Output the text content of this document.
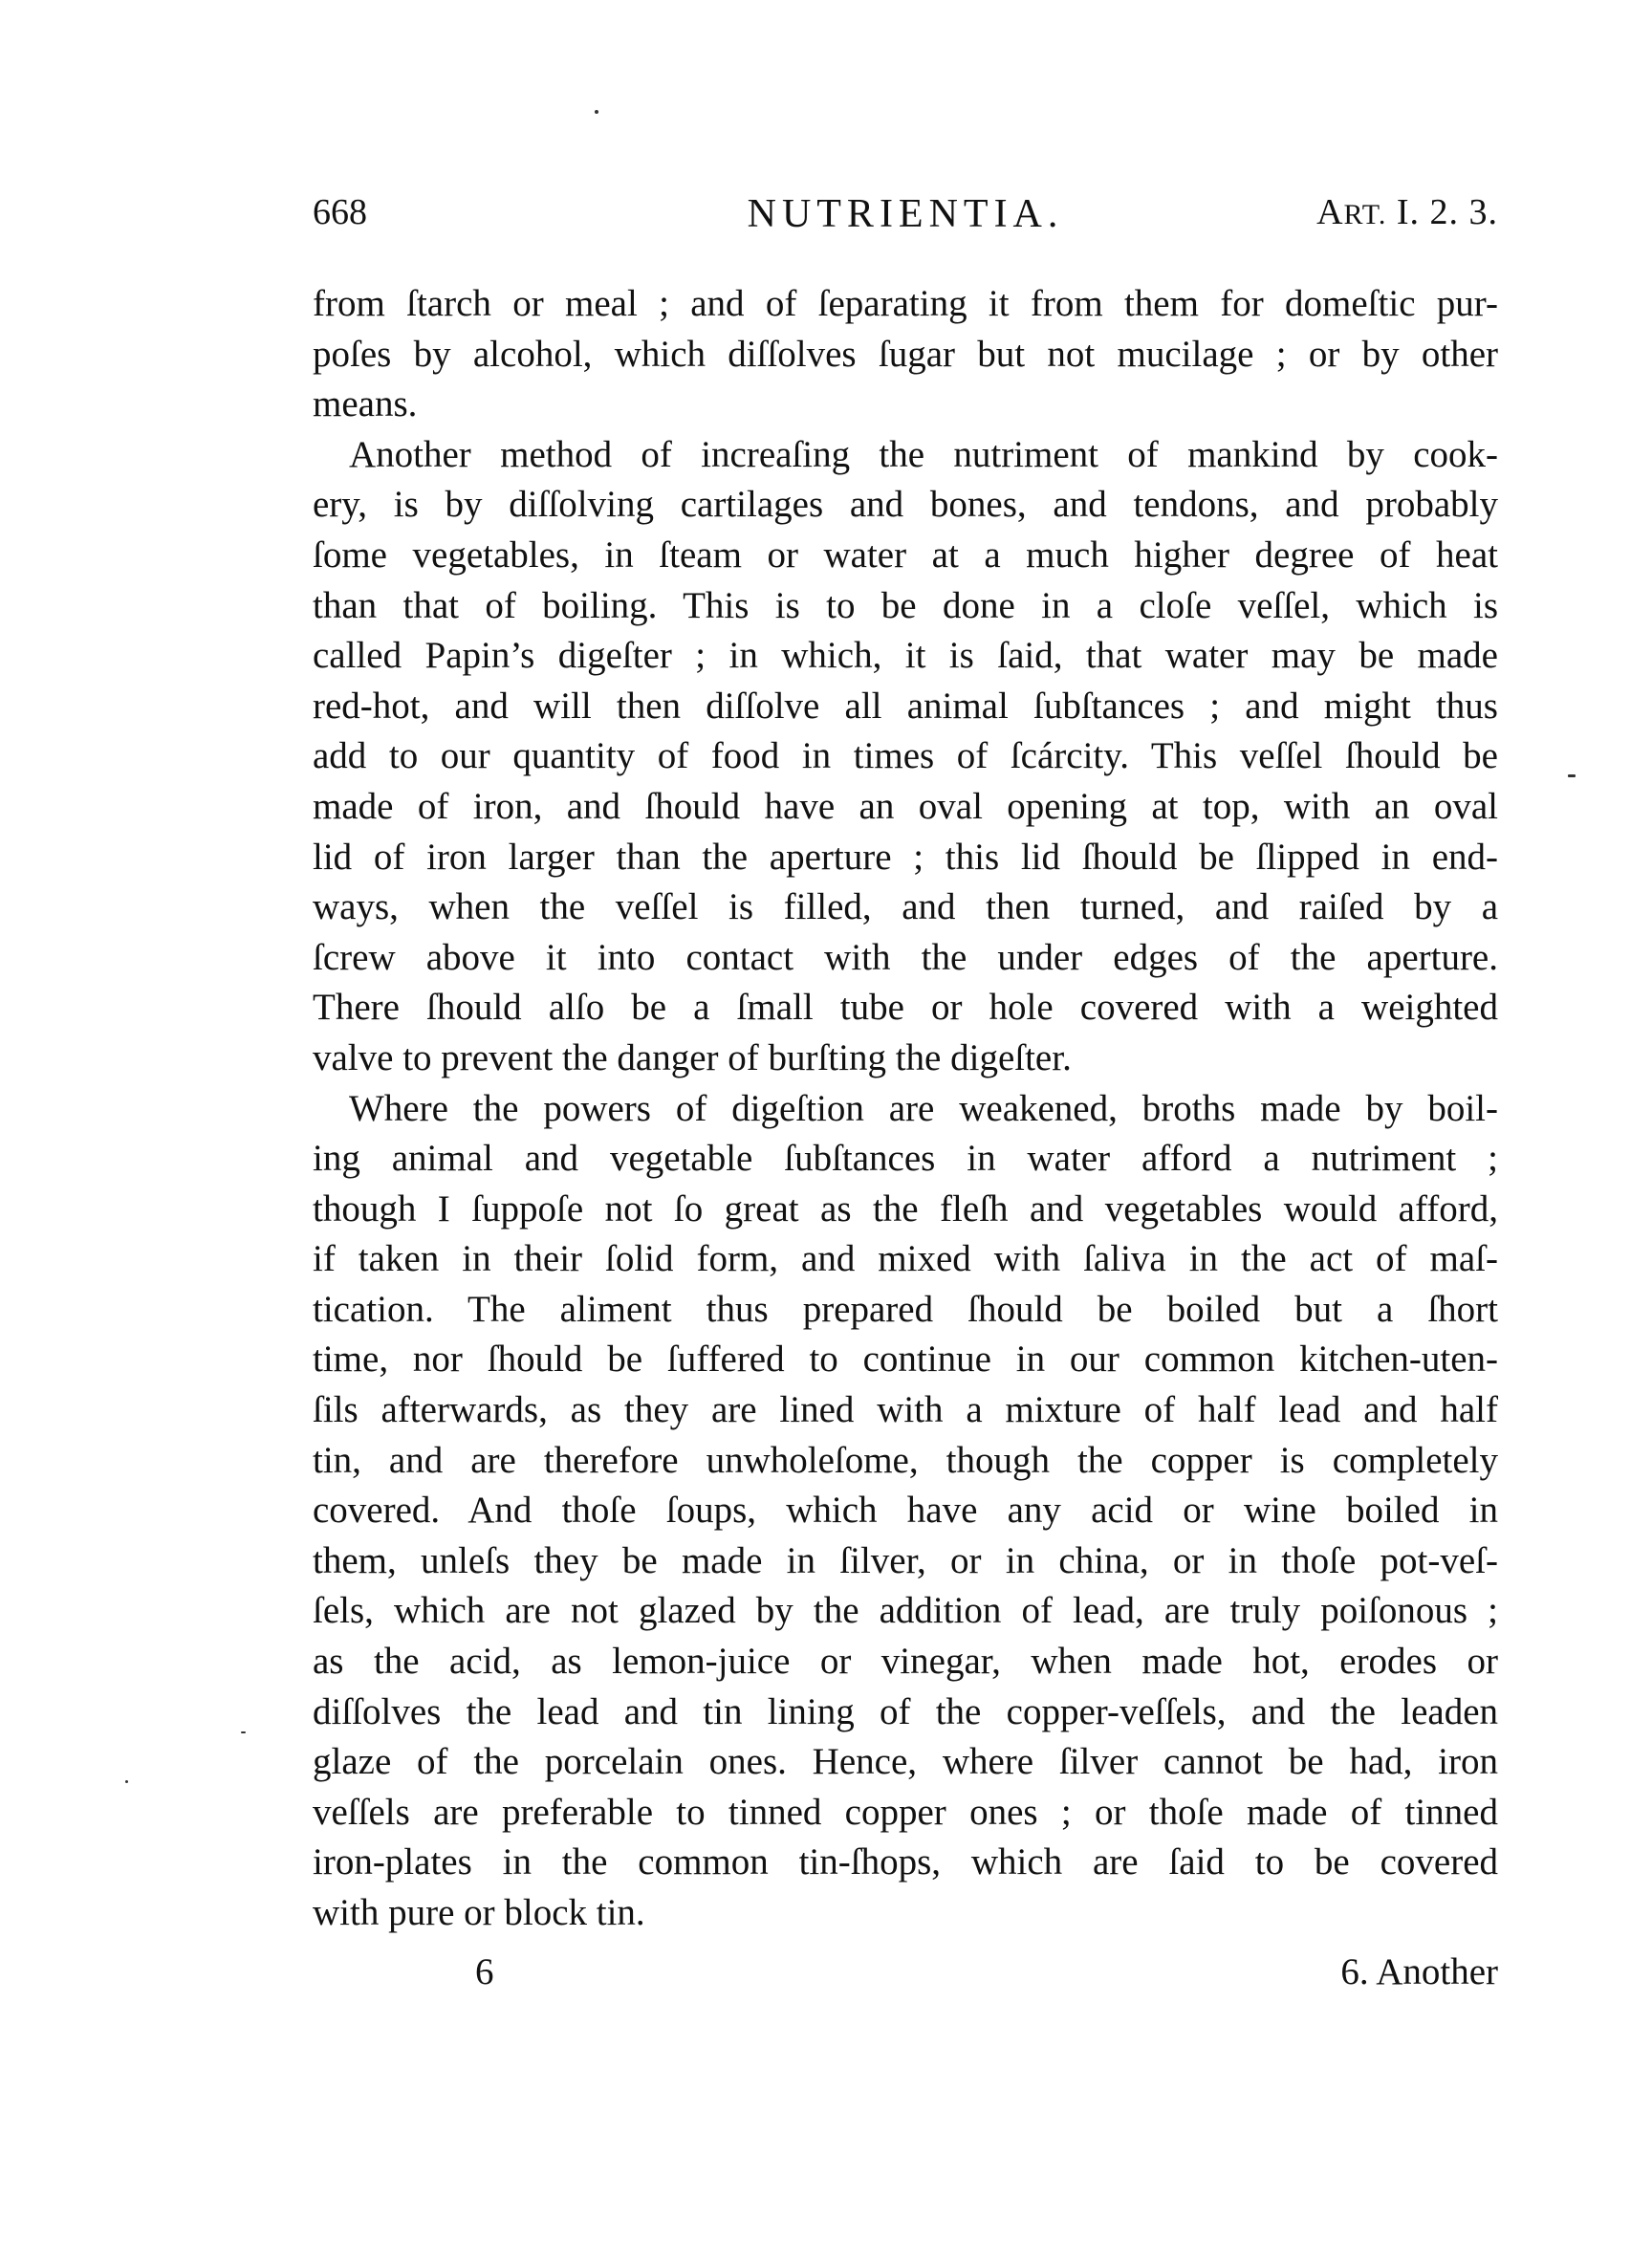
668	NUTRIENTIA.	ART. I. 2. 3.
from ſtarch or meal ; and of ſeparating it from them for domeſtic pur-
poſes by alcohol, which diſſolves ſugar but not mucilage ; or by other
means.
Another method of increaſing the nutriment of mankind by cook-
ery, is by diſſolving cartilages and bones, and tendons, and probably
ſome vegetables, in ſteam or water at a much higher degree of heat
than that of boiling. This is to be done in a cloſe veſſel, which is
called Papin’s digeſter ; in which, it is ſaid, that water may be made
red-hot, and will then diſſolve all animal ſubſtances ; and might thus
add to our quantity of food in times of ſcárcity. This veſſel ſhould be
made of iron, and ſhould have an oval opening at top, with an oval
lid of iron larger than the aperture ; this lid ſhould be ſlipped in end-
ways, when the veſſel is filled, and then turned, and raiſed by a
ſcrew above it into contact with the under edges of the aperture.
There ſhould alſo be a ſmall tube or hole covered with a weighted
valve to prevent the danger of burſting the digeſter.
Where the powers of digeſtion are weakened, broths made by boil-
ing animal and vegetable ſubſtances in water afford a nutriment ;
though I ſuppoſe not ſo great as the fleſh and vegetables would afford,
if taken in their ſolid form, and mixed with ſaliva in the act of maſ-
tication. The aliment thus prepared ſhould be boiled but a ſhort
time, nor ſhould be ſuffered to continue in our common kitchen-uten-
ſils afterwards, as they are lined with a mixture of half lead and half
tin, and are therefore unwholeſome, though the copper is completely
covered. And thoſe ſoups, which have any acid or wine boiled in
them, unleſs they be made in ſilver, or in china, or in thoſe pot-veſ-
ſels, which are not glazed by the addition of lead, are truly poiſonous ;
as the acid, as lemon-juice or vinegar, when made hot, erodes or
diſſolves the lead and tin lining of the copper-veſſels, and the leaden
glaze of the porcelain ones. Hence, where ſilver cannot be had, iron
veſſels are preferable to tinned copper ones ; or thoſe made of tinned
iron-plates in the common tin-ſhops, which are ſaid to be covered
with pure or block tin.
6	6. Another
